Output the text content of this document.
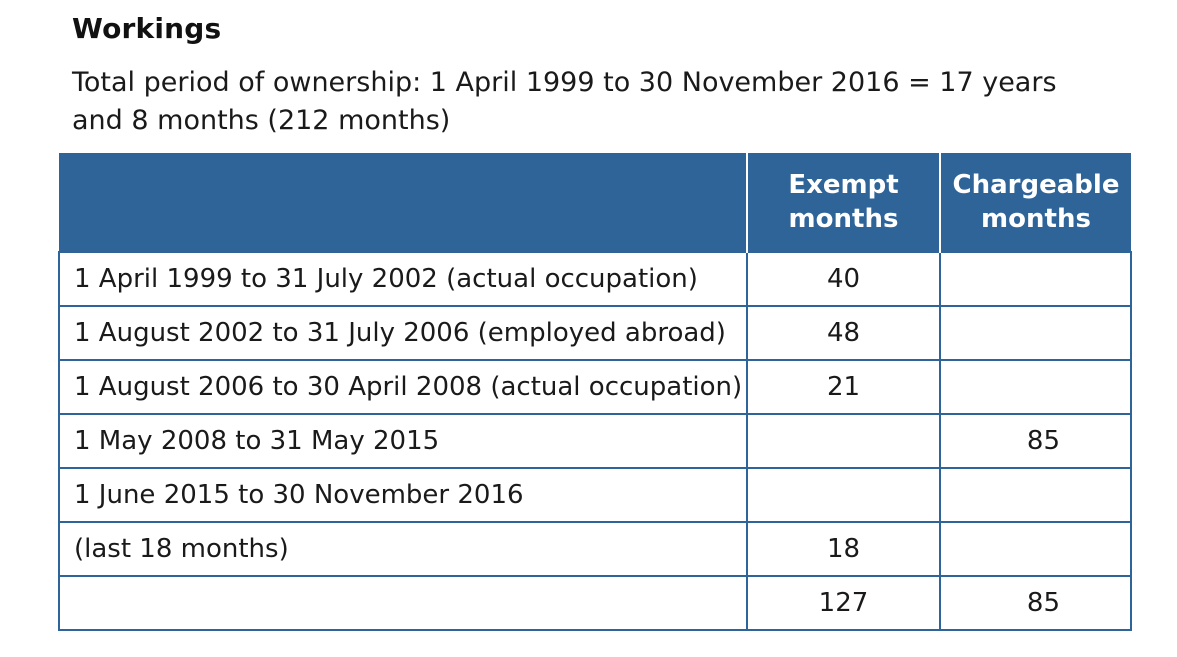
Workings

Total period of ownership: 1 April 1999 to 30 November 2016 = 17 years and 8 months (212 months)

	Exempt months	Chargeable months
1 April 1999 to 31 July 2002 (actual occupation)	40	
1 August 2002 to 31 July 2006 (employed abroad)	48	
1 August 2006 to 30 April 2008 (actual occupation)	21	
1 May 2008 to 31 May 2015		85
1 June 2015 to 30 November 2016		
(last 18 months)	18	
	127	85
